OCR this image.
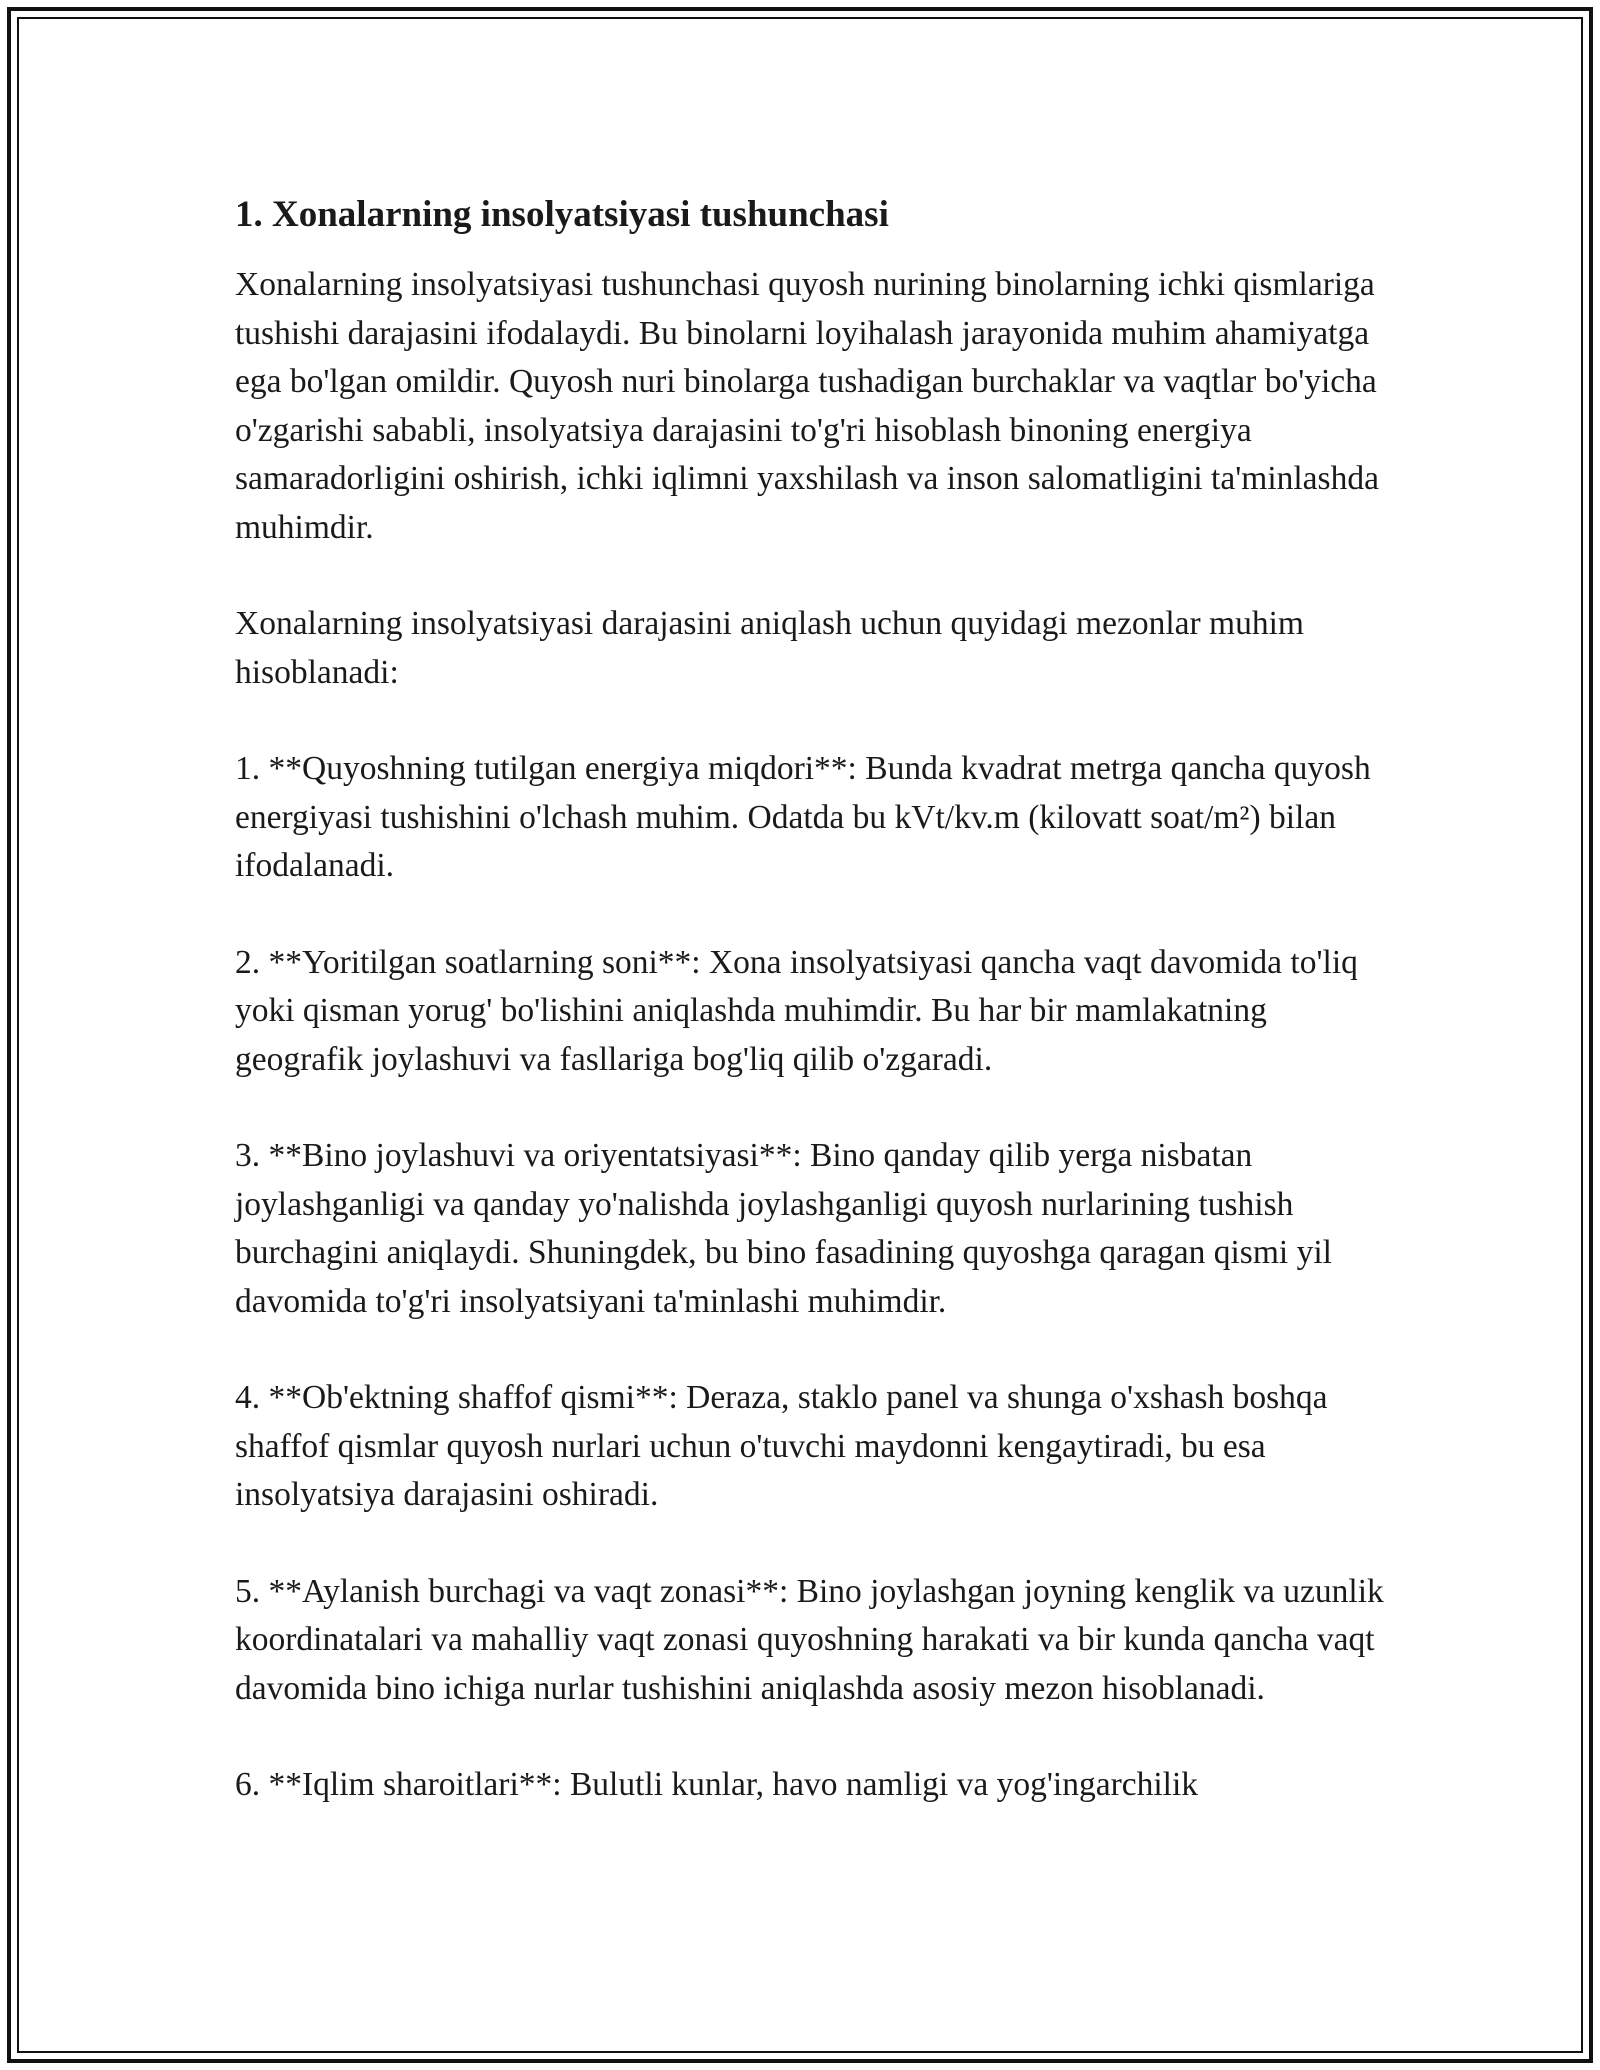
1. Xonalarning insolyatsiyasi tushunchasi

Xonalarning insolyatsiyasi tushunchasi quyosh nurining binolarning ichki qismlariga tushishi darajasini ifodalaydi. Bu binolarni loyihalash jarayonida muhim ahamiyatga ega bo'lgan omildir. Quyosh nuri binolarga tushadigan burchaklar va vaqtlar bo'yicha o'zgarishi sababli, insolyatsiya darajasini to'g'ri hisoblash binoning energiya samaradorligini oshirish, ichki iqlimni yaxshilash va inson salomatligini ta'minlashda muhimdir.

Xonalarning insolyatsiyasi darajasini aniqlash uchun quyidagi mezonlar muhim hisoblanadi:

1. **Quyoshning tutilgan energiya miqdori**: Bunda kvadrat metrga qancha quyosh energiyasi tushishini o'lchash muhim. Odatda bu kVt/kv.m (kilovatt soat/m²) bilan ifodalanadi.

2. **Yoritilgan soatlarning soni**: Xona insolyatsiyasi qancha vaqt davomida to'liq yoki qisman yorug' bo'lishini aniqlashda muhimdir. Bu har bir mamlakatning geografik joylashuvi va fasllariga bog'liq qilib o'zgaradi.

3. **Bino joylashuvi va oriyentatsiyasi**: Bino qanday qilib yerga nisbatan joylashganligi va qanday yo'nalishda joylashganligi quyosh nurlarining tushish burchagini aniqlaydi. Shuningdek, bu bino fasadining quyoshga qaragan qismi yil davomida to'g'ri insolyatsiyani ta'minlashi muhimdir.

4. **Ob'ektning shaffof qismi**: Deraza, staklo panel va shunga o'xshash boshqa shaffof qismlar quyosh nurlari uchun o'tuvchi maydonni kengaytiradi, bu esa insolyatsiya darajasini oshiradi.

5. **Aylanish burchagi va vaqt zonasi**: Bino joylashgan joyning kenglik va uzunlik koordinatalari va mahalliy vaqt zonasi quyoshning harakati va bir kunda qancha vaqt davomida bino ichiga nurlar tushishini aniqlashda asosiy mezon hisoblanadi.

6. **Iqlim sharoitlari**: Bulutli kunlar, havo namligi va yog'ingarchilik
